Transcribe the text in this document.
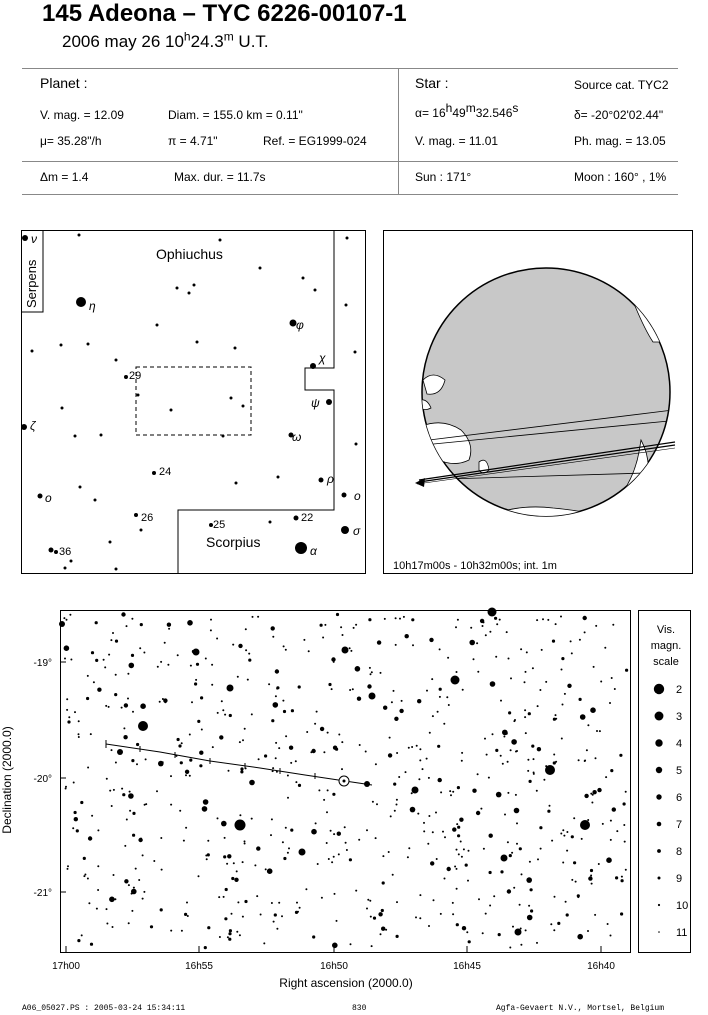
145 Adeona – TYC 6226-00107-1
2006 may 26 10$^h$24.3$^m$ U.T.
Planet :
V. mag. = 12.09	Diam. = 155.0 km = 0.11"
μ= 35.28"/h	π = 4.71"	Ref. = EG1999-024
Δm = 1.4	Max. dur. = 11.7s
Star :	Source cat. TYC2
α= 16h49m32.546s	δ= -20°02'02.44"
V. mag. = 11.01	Ph. mag. = 13.05
Sun : 171°	Moon : 160° , 1%
Ophiuchus
Scorpius
Serpens
ν
η
φ
χ
ψ
ω
ζ
ρ
ο	ο
σ
α
29
24
26
25
22
36
10h17m00s - 10h32m00s; int. 1m
-19°
-20°
-21°
17h00	16h55	16h50	16h45	16h40
Right ascension (2000.0)
Declination (2000.0)
Vis.
magn.
scale
2
3
4
5
6
7
8
9
10
11
A06_05027.PS : 2005-03-24 15:34:11	830	Agfa-Gevaert N.V., Mortsel, Belgium
